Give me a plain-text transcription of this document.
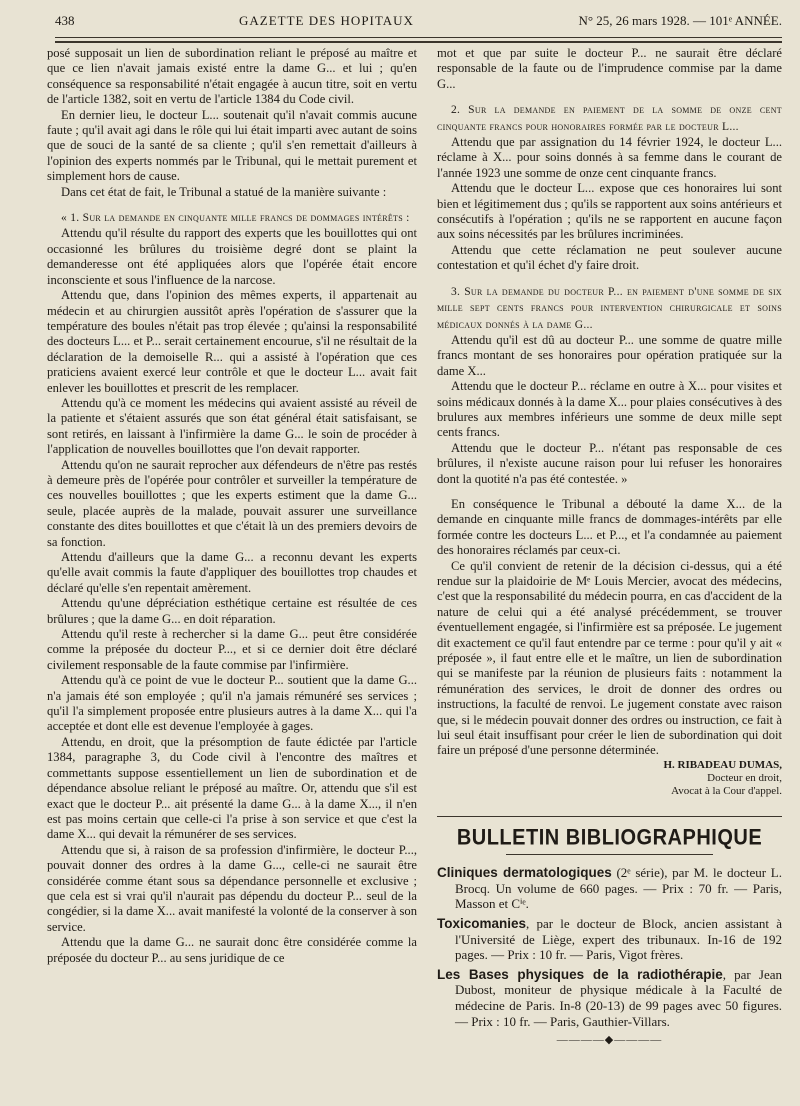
438	GAZETTE DES HOPITAUX	N° 25, 26 mars 1928. — 101ᵉ ANNÉE.

posé supposait un lien de subordination reliant le préposé au maître et que ce lien n'avait jamais existé entre la dame G... et lui ; qu'en conséquence sa responsabilité n'était engagée à aucun titre, soit en vertu de l'article 1382, soit en vertu de l'article 1384 du Code civil.

En dernier lieu, le docteur L... soutenait qu'il n'avait commis aucune faute ; qu'il avait agi dans le rôle qui lui était imparti avec autant de soins que de souci de la santé de sa cliente ; qu'il s'en remettait d'ailleurs à l'opinion des experts nommés par le Tribunal, qui le mettait purement et simplement hors de cause.

Dans cet état de fait, le Tribunal a statué de la manière suivante :

« 1. Sur la demande en cinquante mille francs de dommages intérêts :

Attendu qu'il résulte du rapport des experts que les bouillottes qui ont occasionné les brûlures du troisième degré dont se plaint la demanderesse ont été appliquées alors que l'opérée était encore inconsciente et sous l'influence de la narcose.

Attendu que, dans l'opinion des mêmes experts, il appartenait au médecin et au chirurgien aussitôt après l'opération de s'assurer que la température des boules n'était pas trop élevée ; qu'ainsi la responsabilité des docteurs L... et P... serait certainement encourue, s'il ne résultait de la déclaration de la demoiselle R... qui a assisté à l'opération que ces praticiens avaient exercé leur contrôle et que le docteur L... avait fait enlever les bouillottes et prescrit de les remplacer.

Attendu qu'à ce moment les médecins qui avaient assisté au réveil de la patiente et s'étaient assurés que son état général était satisfaisant, se sont retirés, en laissant à l'infirmière la dame G... le soin de procéder à l'application de nouvelles bouillottes que l'on devait rapporter.

Attendu qu'on ne saurait reprocher aux défendeurs de n'être pas restés à demeure près de l'opérée pour contrôler et surveiller la température de ces nouvelles bouillottes ; que les experts estiment que la dame G... seule, placée auprès de la malade, pouvait assurer une surveillance constante des dites bouillottes et que c'était là un des premiers devoirs de sa fonction.

Attendu d'ailleurs que la dame G... a reconnu devant les experts qu'elle avait commis la faute d'appliquer des bouillottes trop chaudes et déclaré qu'elle s'en repentait amèrement.

Attendu qu'une dépréciation esthétique certaine est résultée de ces brûlures ; que la dame G... en doit réparation.

Attendu qu'il reste à rechercher si la dame G... peut être considérée comme la préposée du docteur P..., et si ce dernier doit être déclaré civilement responsable de la faute commise par l'infirmière.

Attendu qu'à ce point de vue le docteur P... soutient que la dame G... n'a jamais été son employée ; qu'il n'a jamais rémunéré ses services ; qu'il l'a simplement proposée entre plusieurs autres à la dame X... qui l'a acceptée et dont elle est devenue l'employée à gages.

Attendu, en droit, que la présomption de faute édictée par l'article 1384, paragraphe 3, du Code civil à l'encontre des maîtres et commettants suppose essentiellement un lien de subordination et de dépendance absolue reliant le préposé au maître. Or, attendu que s'il est exact que le docteur P... ait présenté la dame G... à la dame X..., il n'en est pas moins certain que celle-ci l'a prise à son service et que c'est la dame X... qui devait la rémunérer de ses services.

Attendu que si, à raison de sa profession d'infirmière, le docteur P..., pouvait donner des ordres à la dame G..., celle-ci ne saurait être considérée comme étant sous sa dépendance personnelle et exclusive ; que cela est si vrai qu'il n'aurait pas dépendu du docteur P... seul de la congédier, si la dame X... avait manifesté la volonté de la conserver à son service.

Attendu que la dame G... ne saurait donc être considérée comme la préposée du docteur P... au sens juridique de ce

mot et que par suite le docteur P... ne saurait être déclaré responsable de la faute ou de l'imprudence commise par la dame G...

2. Sur la demande en paiement de la somme de onze cent cinquante francs pour honoraires formée par le docteur L...

Attendu que par assignation du 14 février 1924, le docteur L... réclame à X... pour soins donnés à sa femme dans le courant de l'année 1923 une somme de onze cent cinquante francs.

Attendu que le docteur L... expose que ces honoraires lui sont bien et légitimement dus ; qu'ils se rapportent aux soins antérieurs et consécutifs à l'opération ; qu'ils ne se rapportent en aucune façon aux soins nécessités par les brûlures incriminées.

Attendu que cette réclamation ne peut soulever aucune contestation et qu'il échet d'y faire droit.

3. Sur la demande du docteur P... en paiement d'une somme de six mille sept cents francs pour intervention chirurgicale et soins médicaux donnés à la dame G...

Attendu qu'il est dû au docteur P... une somme de quatre mille francs montant de ses honoraires pour opération pratiquée sur la dame X...

Attendu que le docteur P... réclame en outre à X... pour visites et soins médicaux donnés à la dame X... pour plaies consécutives à des brulures aux membres inférieurs une somme de deux mille sept cents francs.

Attendu que le docteur P... n'étant pas responsable de ces brûlures, il n'existe aucune raison pour lui refuser les honoraires dont la quotité n'a pas été contestée. »

En conséquence le Tribunal a débouté la dame X... de la demande en cinquante mille francs de dommages-intérêts par elle formée contre les docteurs L... et P..., et l'a condamnée au paiement des honoraires réclamés par ceux-ci.

Ce qu'il convient de retenir de la décision ci-dessus, qui a été rendue sur la plaidoirie de Mᵉ Louis Mercier, avocat des médecins, c'est que la responsabilité du médecin pourra, en cas d'accident de la nature de celui qui a été analysé précédemment, se trouver éventuellement engagée, si l'infirmière est sa préposée. Le jugement dit exactement ce qu'il faut entendre par ce terme : pour qu'il y ait « préposée », il faut entre elle et le maître, un lien de subordination qui se manifeste par la réunion de plusieurs faits : notamment la rémunération des services, le droit de donner des ordres ou instructions, la faculté de renvoi. Le jugement constate avec raison que, si le médecin pouvait donner des ordres ou instruction, ce fait à lui seul était insuffisant pour créer le lien de subordination qui doit faire un préposé d'une personne déterminée.

H. RIBADEAU DUMAS,
Docteur en droit,
Avocat à la Cour d'appel.
BULLETIN BIBLIOGRAPHIQUE
Cliniques dermatologiques (2ᵉ série), par M. le docteur L. Brocq. Un volume de 660 pages. — Prix : 70 fr. — Paris, Masson et Cⁱᵉ.
Toxicomanies, par le docteur de Block, ancien assistant à l'Université de Liège, expert des tribunaux. In-16 de 192 pages. — Prix : 10 fr. — Paris, Vigot frères.
Les Bases physiques de la radiothérapie, par Jean Dubost, moniteur de physique médicale à la Faculté de médecine de Paris. In-8 (20-13) de 99 pages avec 50 figures. — Prix : 10 fr. — Paris, Gauthier-Villars.
————◆————
